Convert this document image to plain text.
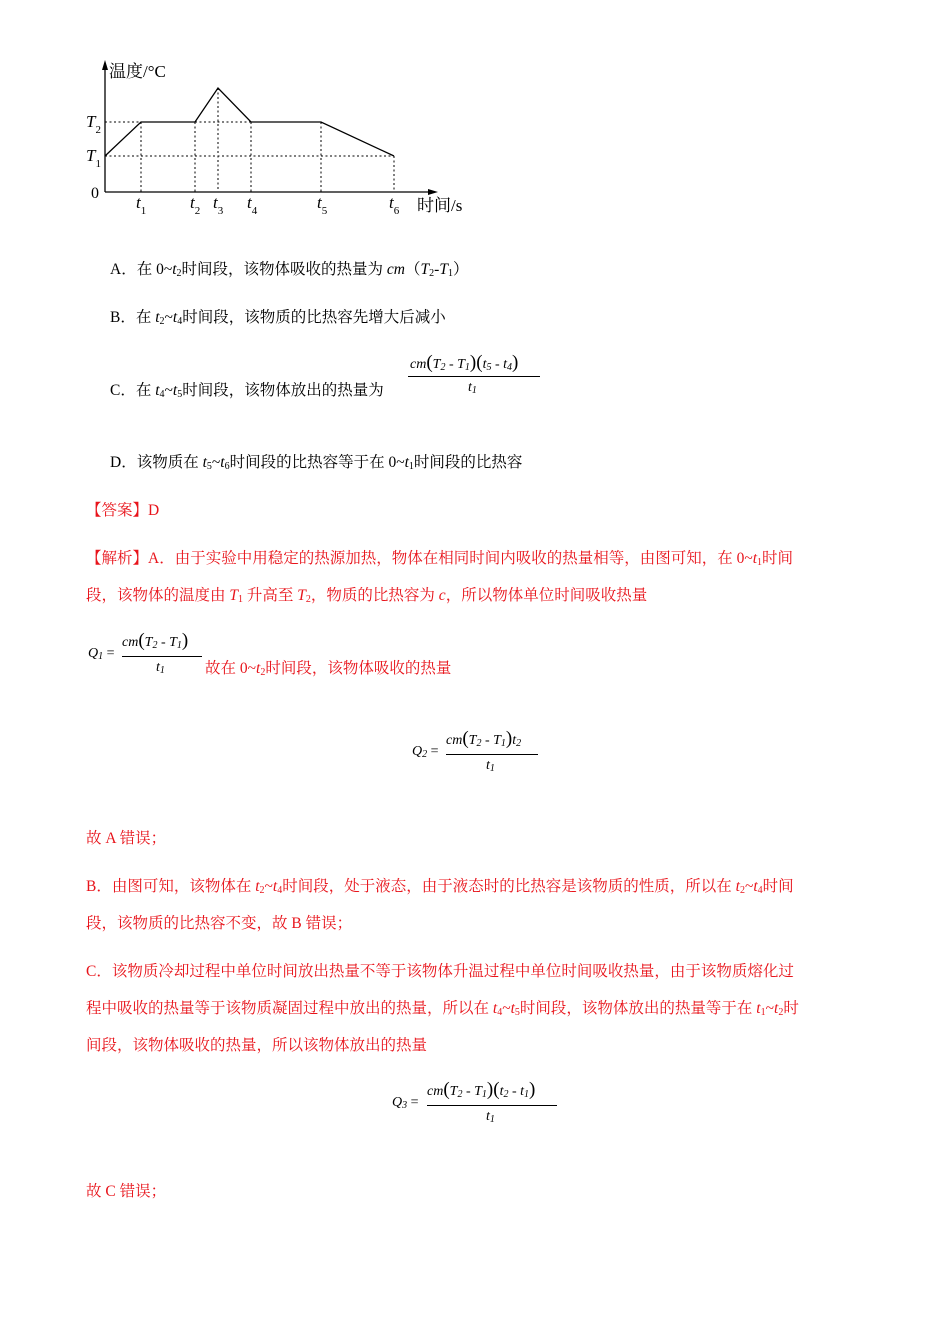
温度/°C
时间/s
0
$T_2$
$T_1$
$t_1$	$t_2$ $t_3$ $t_4$	$t_5$	$t_6$
A．在 $0\sim t_2$时间段，该物体吸收的热量为 $cm(T_2-T_1)$
B．在 $t_2\sim t_4$时间段，该物质的比热容先增大后减小
C．在 $t_4\sim t_5$时间段，该物体放出的热量为
$cm(T_2 - T_1)(t_5 - t_4)$
$t_1$
D．该物质在 $t_5\sim t_6$时间段的比热容等于在 $0\sim t_1$时间段的比热容
【答案】D
【解析】A．由于实验中用稳定的热源加热，物体在相同时间内吸收的热量相等，由图可知，在 $0\sim t_1$时间
段，该物体的温度由 $T_1$ 升高至 $T_2$，物质的比热容为 c，所以物体单位时间吸收热量
$Q_1$ =
$cm(T_2 - T_1)$
$t_1$	故在 $0\sim t_2$时间段，该物体吸收的热量
$Q_2$ =
$cm(T_2 - T_1)t_2$
$t_1$
故 A 错误；
B．由图可知，该物体在 $t_2\sim t_4$时间段，处于液态，由于液态时的比热容是该物质的性质，所以在 $t_2\sim t_4$时间
段，该物质的比热容不变，故 B 错误；
C．该物质冷却过程中单位时间放出热量不等于该物体升温过程中单位时间吸收热量，由于该物质熔化过
程中吸收的热量等于该物质凝固过程中放出的热量，所以在 $t_4\sim t_5$时间段，该物体放出的热量等于在 $t_1\sim t_2$时
间段，该物体吸收的热量，所以该物体放出的热量
$Q_3$ =
$cm(T_2 - T_1)(t_2 - t_1)$
$t_1$
故 C 错误；
